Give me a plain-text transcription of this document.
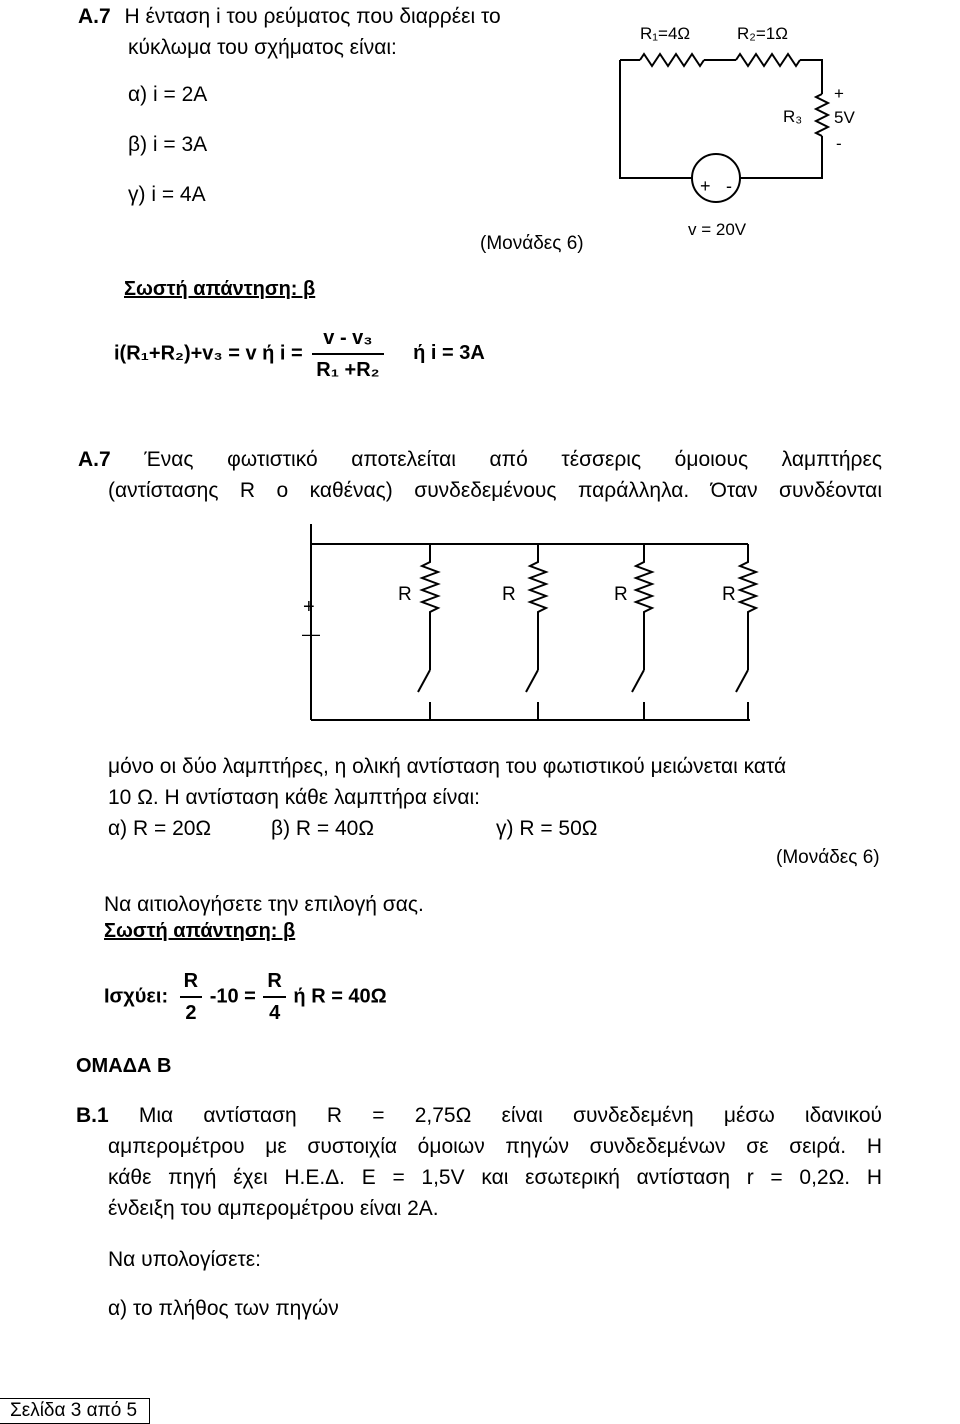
Α.7 Η ένταση i του ρεύματος που διαρρέει το
κύκλωμα του σχήματος είναι:
α) i = 2A
β) i = 3A
γ) i = 4A
(Μονάδες 6)
+ -
R₁=4Ω	R₂=1Ω
R₃
+
5V
-
v = 20V
Σωστή απάντηση: β
i(R₁+R₂)+v₃ = v ή $i = \frac{\text{v - v₃}}{\text{R₁ +R₂}}$ ή i = 3A
Α.7 Ένας φωτιστικό αποτελείται από τέσσερις όμοιους λαμπτήρες
(αντίστασης R ο καθένας) συνδεδεμένους παράλληλα. Όταν συνδέονται
+
—
R	R	R	R
μόνο οι δύο λαμπτήρες, η ολική αντίσταση του φωτιστικού μειώνεται κατά
10 Ω. Η αντίσταση κάθε λαμπτήρα είναι:
α) R = 20Ω	β) R = 40Ω	γ) R = 50Ω
(Μονάδες 6)
Να αιτιολογήσετε την επιλογή σας.
Σωστή απάντηση: β
Ισχύει: $\frac{R}{2} -10 = \frac{R}{4}$ ή R = 40Ω
ΟΜΑΔΑ Β
Β.1 Μια αντίσταση R = 2,75Ω είναι συνδεδεμένη μέσω ιδανικού
αμπερομέτρου με συστοιχία όμοιων πηγών συνδεδεμένων σε σειρά. Η
κάθε πηγή έχει Η.Ε.Δ. Ε = 1,5V και εσωτερική αντίσταση r = 0,2Ω. Η
ένδειξη του αμπερομέτρου είναι 2Α.
Να υπολογίσετε:
α) το πλήθος των πηγών
Σελίδα 3 από 5
